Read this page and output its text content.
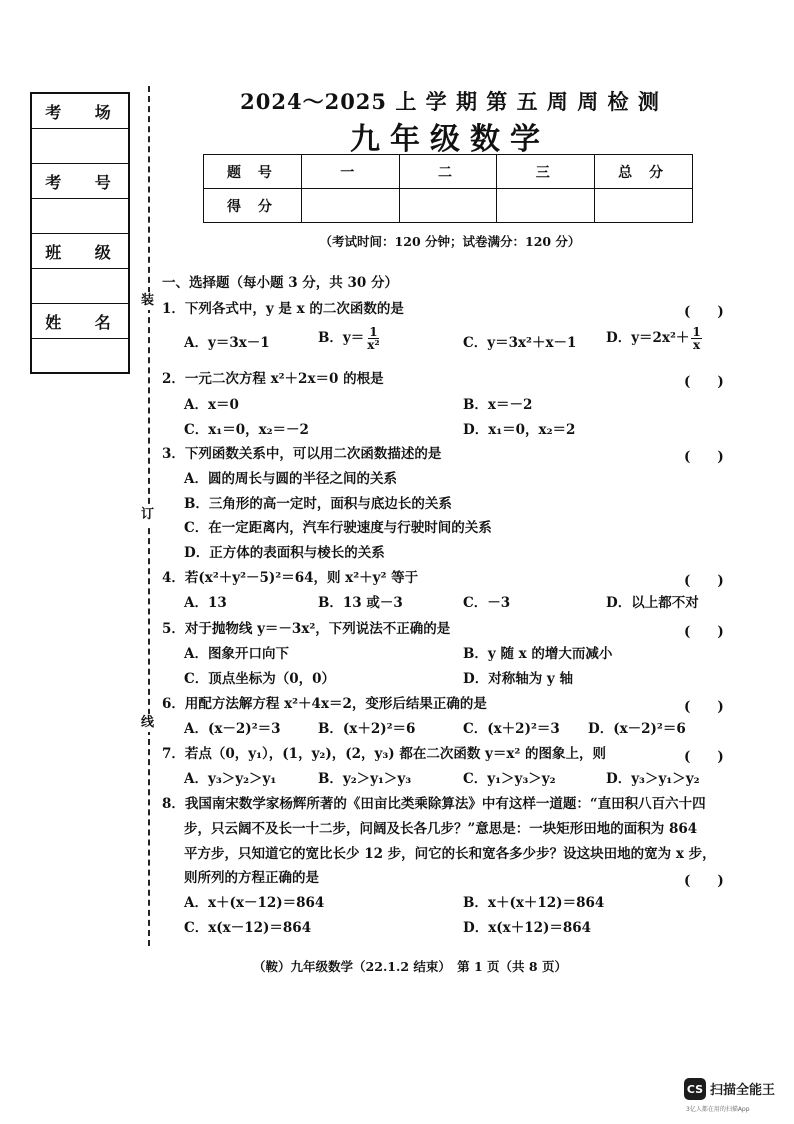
考 场
考 号
班 级
姓 名
装
订
线
2024～2025 上 学 期 第 五 周 周 检 测
九年级数学
题 号	一	二	三	总 分
得 分				
（考试时间：120 分钟；试卷满分：120 分）
一、选择题（每小题 3 分，共 30 分）
1．下列各式中，y 是 x 的二次函数的是	(　　)
A．y＝3x－1	B．$y= \frac{1}{\text{x²}}$	C．y＝3x²＋x－1 D．$y=2x^2+ \frac{1}{x}$
2．一元二次方程 x²＋2x＝0 的根是	(　　)
A．x＝0	B．x＝－2
C．x₁＝0，x₂＝－2	D．x₁＝0，x₂＝2
3．下列函数关系中，可以用二次函数描述的是	(　　)
A．圆的周长与圆的半径之间的关系
B．三角形的高一定时，面积与底边长的关系
C．在一定距离内，汽车行驶速度与行驶时间的关系
D．正方体的表面积与棱长的关系
4．若(x²＋y²－5)²＝64，则 x²＋y² 等于	(　　)
A．13	B．13 或－3	C．－3	D．以上都不对
5．对于抛物线 y＝－3x²，下列说法不正确的是	(　　)
A．图象开口向下	B．y 随 x 的增大而减小
C．顶点坐标为（0，0）	D．对称轴为 y 轴
6．用配方法解方程 x²＋4x＝2，变形后结果正确的是	(　　)
A．(x－2)²＝3	B．(x＋2)²＝6	C．(x＋2)²＝3 D．(x－2)²＝6
7．若点（0，y₁），(1，y₂)，(2，y₃) 都在二次函数 y＝x² 的图象上，则	(　　)
A．y₃＞y₂＞y₁	B．y₂＞y₁＞y₃	C．y₁＞y₃＞y₂	D．y₃＞y₁＞y₂
8．我国南宋数学家杨辉所著的《田亩比类乘除算法》中有这样一道题：“直田积八百六十四
步，只云阔不及长一十二步，问阔及长各几步？”意思是：一块矩形田地的面积为 864
平方步，只知道它的宽比长少 12 步，问它的长和宽各多少步？设这块田地的宽为 x 步，
则所列的方程正确的是	(　　)
A．x＋(x－12)＝864	B．x＋(x＋12)＝864
C．x(x－12)＝864	D．x(x＋12)＝864
（鞍）九年级数学（22.1.2 结束）　第 1 页（共 8 页）
CS 扫描全能王
3亿人都在用的扫描App
